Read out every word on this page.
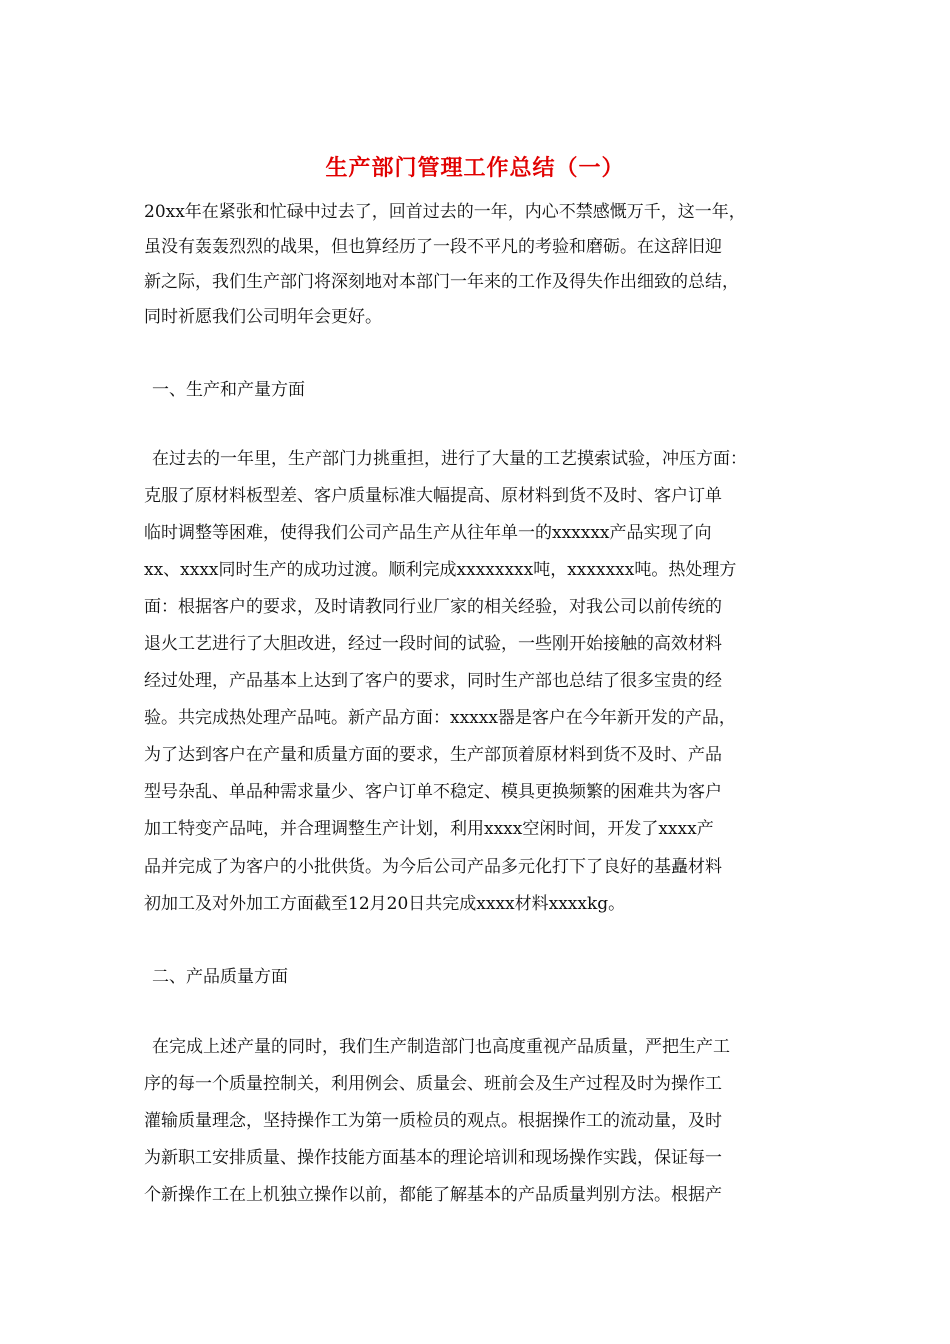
生产部门管理工作总结（一）
20xx年在紧张和忙碌中过去了，回首过去的一年，内心不禁感慨万千，这一年，
虽没有轰轰烈烈的战果，但也算经历了一段不平凡的考验和磨砺。在这辞旧迎
新之际，我们生产部门将深刻地对本部门一年来的工作及得失作出细致的总结，
同时祈愿我们公司明年会更好。
一、生产和产量方面
在过去的一年里，生产部门力挑重担，进行了大量的工艺摸索试验，冲压方面：
克服了原材料板型差、客户质量标准大幅提高、原材料到货不及时、客户订单
临时调整等困难，使得我们公司产品生产从往年单一的xxxxxx产品实现了向
xx、xxxx同时生产的成功过渡。顺利完成xxxxxxxx吨，xxxxxxx吨。热处理方
面：根据客户的要求，及时请教同行业厂家的相关经验，对我公司以前传统的
退火工艺进行了大胆改进，经过一段时间的试验，一些刚开始接触的高效材料
经过处理，产品基本上达到了客户的要求，同时生产部也总结了很多宝贵的经
验。共完成热处理产品吨。新产品方面：xxxxx器是客户在今年新开发的产品，
为了达到客户在产量和质量方面的要求，生产部顶着原材料到货不及时、产品
型号杂乱、单品种需求量少、客户订单不稳定、模具更换频繁的困难共为客户
加工特变产品吨，并合理调整生产计划，利用xxxx空闲时间，开发了xxxx产
品并完成了为客户的小批供货。为今后公司产品多元化打下了良好的基矗材料
初加工及对外加工方面截至12月20日共完成xxxx材料xxxxkg。
二、产品质量方面
在完成上述产量的同时，我们生产制造部门也高度重视产品质量，严把生产工
序的每一个质量控制关，利用例会、质量会、班前会及生产过程及时为操作工
灌输质量理念，坚持操作工为第一质检员的观点。根据操作工的流动量，及时
为新职工安排质量、操作技能方面基本的理论培训和现场操作实践，保证每一
个新操作工在上机独立操作以前，都能了解基本的产品质量判别方法。根据产
